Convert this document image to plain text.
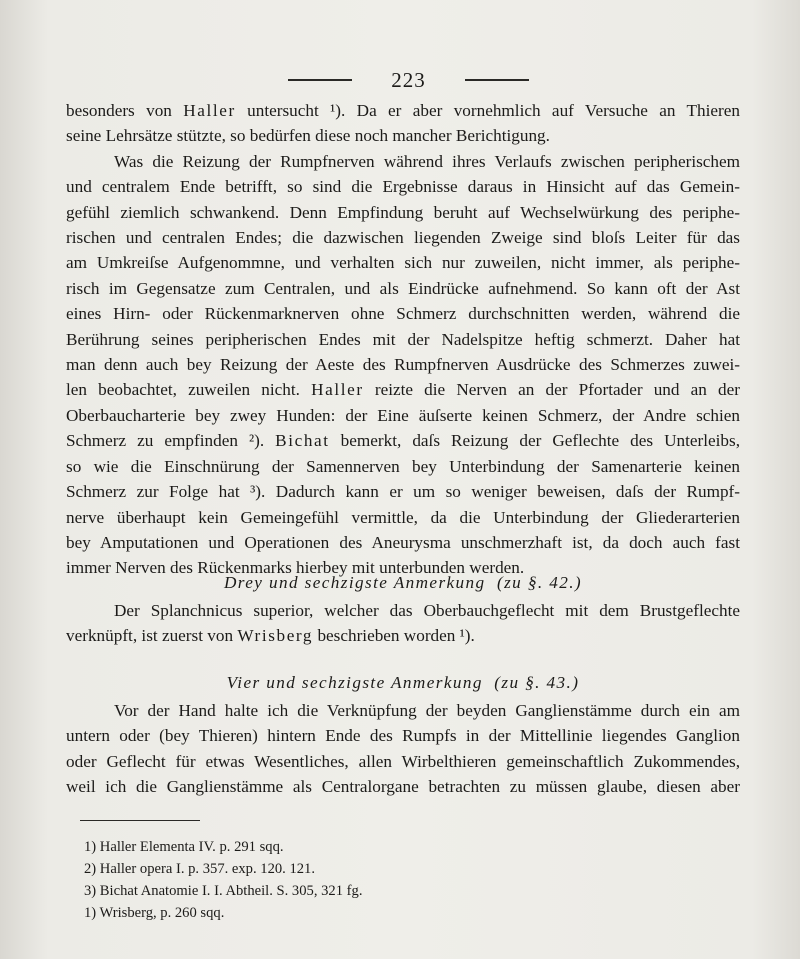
223
besonders von Haller untersucht ¹). Da er aber vornehmlich auf Versuche an Thieren
seine Lehrsätze stützte, so bedürfen diese noch mancher Berichtigung.
Was die Reizung der Rumpfnerven während ihres Verlaufs zwischen peripherischem
und centralem Ende betrifft, so sind die Ergebnisse daraus in Hinsicht auf das Gemein-
gefühl ziemlich schwankend. Denn Empfindung beruht auf Wechselwürkung des periphe-
rischen und centralen Endes; die dazwischen liegenden Zweige sind bloſs Leiter für das
am Umkreiſse Aufgenommne, und verhalten sich nur zuweilen, nicht immer, als periphe-
risch im Gegensatze zum Centralen, und als Eindrücke aufnehmend. So kann oft der Ast
eines Hirn- oder Rückenmarknerven ohne Schmerz durchschnitten werden, während die
Berührung seines peripherischen Endes mit der Nadelspitze heftig schmerzt. Daher hat
man denn auch bey Reizung der Aeste des Rumpfnerven Ausdrücke des Schmerzes zuwei-
len beobachtet, zuweilen nicht. Haller reizte die Nerven an der Pfortader und an der
Oberbaucharterie bey zwey Hunden: der Eine äuſserte keinen Schmerz, der Andre schien
Schmerz zu empfinden ²). Bichat bemerkt, daſs Reizung der Geflechte des Unterleibs,
so wie die Einschnürung der Samennerven bey Unterbindung der Samenarterie keinen
Schmerz zur Folge hat ³). Dadurch kann er um so weniger beweisen, daſs der Rumpf-
nerve überhaupt kein Gemeingefühl vermittle, da die Unterbindung der Gliederarterien
bey Amputationen und Operationen des Aneurysma unschmerzhaft ist, da doch auch fast
immer Nerven des Rückenmarks hierbey mit unterbunden werden.
Drey und sechzigste Anmerkung (zu §. 42.)
Der Splanchnicus superior, welcher das Oberbauchgeflecht mit dem Brustgeflechte
verknüpft, ist zuerst von Wrisberg beschrieben worden ¹).
Vier und sechzigste Anmerkung (zu §. 43.)
Vor der Hand halte ich die Verknüpfung der beyden Ganglienstämme durch ein am
untern oder (bey Thieren) hintern Ende des Rumpfs in der Mittellinie liegendes Ganglion
oder Geflecht für etwas Wesentliches, allen Wirbelthieren gemeinschaftlich Zukommendes,
weil ich die Ganglienstämme als Centralorgane betrachten zu müssen glaube, diesen aber
1) Haller Elementa IV. p. 291 sqq.
2) Haller opera I. p. 357. exp. 120. 121.
3) Bichat Anatomie I. I. Abtheil. S. 305, 321 fg.
1) Wrisberg, p. 260 sqq.
